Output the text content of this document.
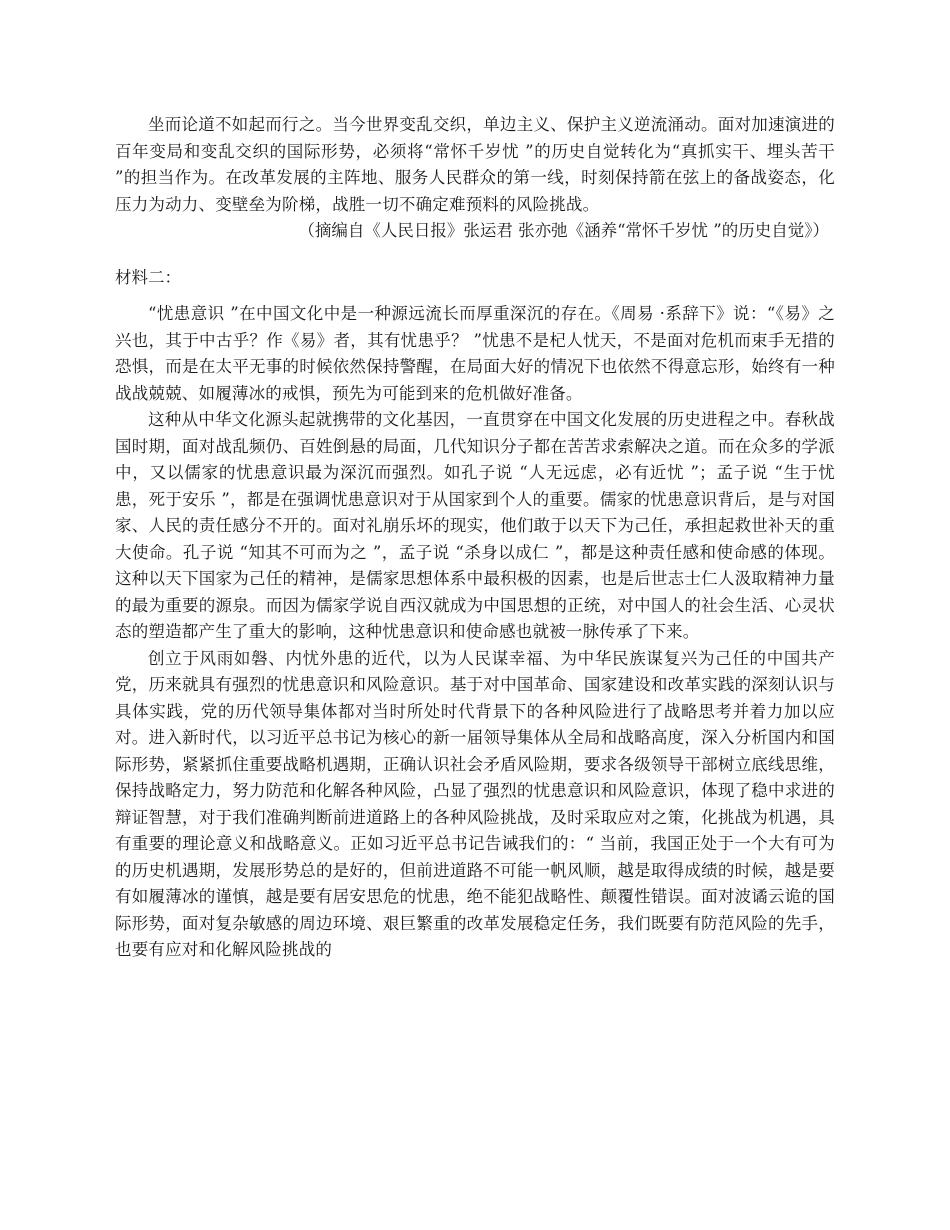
坐而论道不如起而行之。当今世界变乱交织，单边主义、保护主义逆流涌动。面对加速演进的百年变局和变乱交织的国际形势，必须将“常怀千岁忧 ”的历史自觉转化为“真抓实干、埋头苦干 ”的担当作为。在改革发展的主阵地、服务人民群众的第一线，时刻保持箭在弦上的备战姿态，化压力为动力、变壁垒为阶梯，战胜一切不确定难预料的风险挑战。

（摘编自《人民日报》张运君 张亦弛《涵养“常怀千岁忧 ”的历史自觉》）

材料二：

“忧患意识 ”在中国文化中是一种源远流长而厚重深沉的存在。《周易 ·系辞下》说：“《易》之兴也，其于中古乎？作《易》者，其有忧患乎？ ”忧患不是杞人忧天，不是面对危机而束手无措的恐惧，而是在太平无事的时候依然保持警醒，在局面大好的情况下也依然不得意忘形，始终有一种战战兢兢、如履薄冰的戒惧，预先为可能到来的危机做好准备。

这种从中华文化源头起就携带的文化基因，一直贯穿在中国文化发展的历史进程之中。春秋战国时期，面对战乱频仍、百姓倒悬的局面，几代知识分子都在苦苦求索解决之道。而在众多的学派中，又以儒家的忧患意识最为深沉而强烈。如孔子说 “人无远虑，必有近忧 ”；孟子说 “生于忧患，死于安乐 ”，都是在强调忧患意识对于从国家到个人的重要。儒家的忧患意识背后，是与对国家、人民的责任感分不开的。面对礼崩乐坏的现实，他们敢于以天下为己任，承担起救世补天的重大使命。孔子说 “知其不可而为之 ”，孟子说 “杀身以成仁 ”，都是这种责任感和使命感的体现。这种以天下国家为己任的精神，是儒家思想体系中最积极的因素，也是后世志士仁人汲取精神力量的最为重要的源泉。而因为儒家学说自西汉就成为中国思想的正统，对中国人的社会生活、心灵状态的塑造都产生了重大的影响，这种忧患意识和使命感也就被一脉传承了下来。

创立于风雨如磐、内忧外患的近代，以为人民谋幸福、为中华民族谋复兴为己任的中国共产党，历来就具有强烈的忧患意识和风险意识。基于对中国革命、国家建设和改革实践的深刻认识与具体实践，党的历代领导集体都对当时所处时代背景下的各种风险进行了战略思考并着力加以应对。进入新时代，以习近平总书记为核心的新一届领导集体从全局和战略高度，深入分析国内和国际形势，紧紧抓住重要战略机遇期，正确认识社会矛盾风险期，要求各级领导干部树立底线思维，保持战略定力，努力防范和化解各种风险，凸显了强烈的忧患意识和风险意识，体现了稳中求进的辩证智慧，对于我们准确判断前进道路上的各种风险挑战，及时采取应对之策，化挑战为机遇，具有重要的理论意义和战略意义。正如习近平总书记告诫我们的：“ 当前，我国正处于一个大有可为的历史机遇期，发展形势总的是好的，但前进道路不可能一帆风顺，越是取得成绩的时候，越是要有如履薄冰的谨慎，越是要有居安思危的忧患，绝不能犯战略性、颠覆性错误。面对波谲云诡的国际形势，面对复杂敏感的周边环境、艰巨繁重的改革发展稳定任务，我们既要有防范风险的先手，也要有应对和化解风险挑战的
